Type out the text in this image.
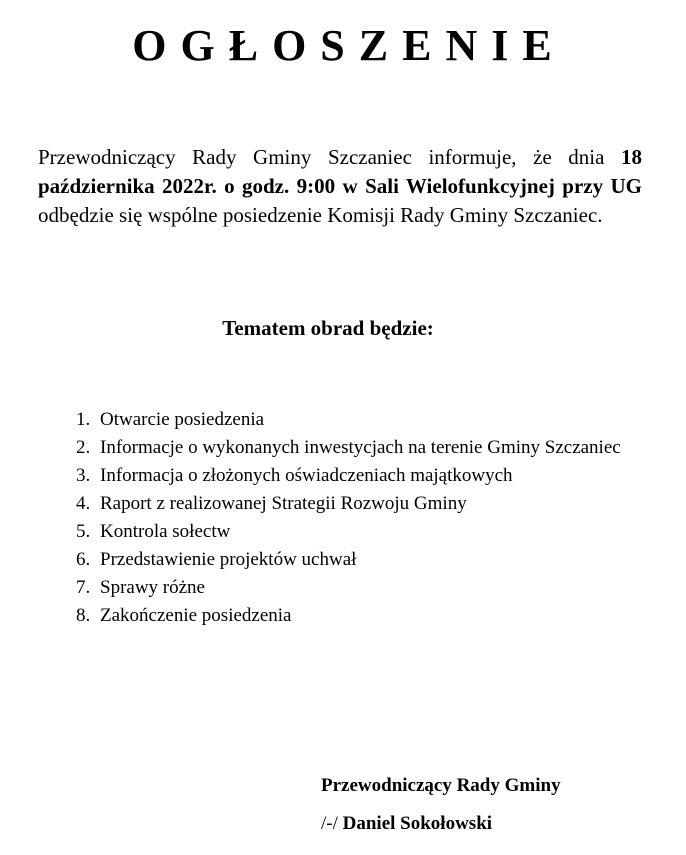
OGŁOSZENIE

Przewodniczący Rady Gminy Szczaniec informuje, że dnia 18 października 2022r. o godz. 9:00 w Sali Wielofunkcyjnej przy UG odbędzie się wspólne posiedzenie Komisji Rady Gminy Szczaniec.

Tematem obrad będzie:
1. Otwarcie posiedzenia
2. Informacje o wykonanych inwestycjach na terenie Gminy Szczaniec
3. Informacja o złożonych oświadczeniach majątkowych
4. Raport z realizowanej Strategii Rozwoju Gminy
5. Kontrola sołectw
6. Przedstawienie projektów uchwał
7. Sprawy różne
8. Zakończenie posiedzenia

Przewodniczący Rady Gminy

/-/ Daniel Sokołowski
